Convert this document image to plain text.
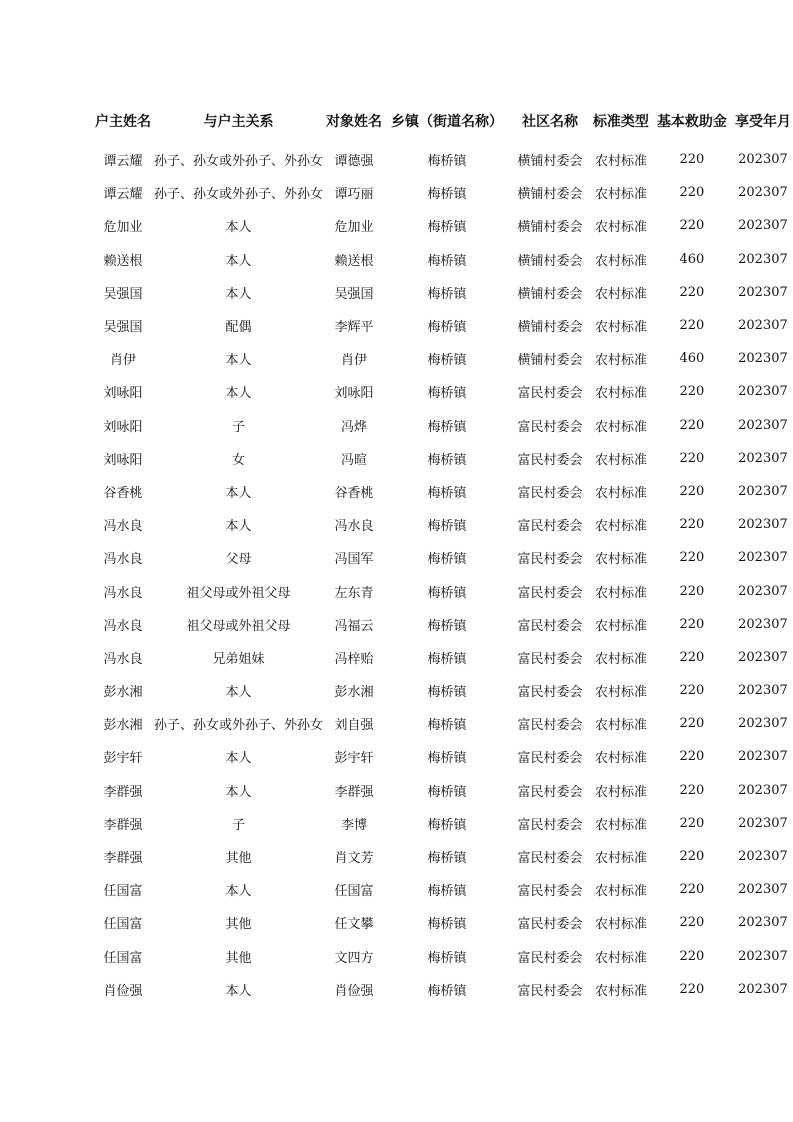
户主姓名	与户主关系	对象姓名	乡镇（街道名称）	社区名称	标准类型	基本救助金	享受年月
谭云耀	孙子、孙女或外孙子、外孙女	谭德强	梅桥镇	横铺村委会	农村标准	220	202307
谭云耀	孙子、孙女或外孙子、外孙女	谭巧丽	梅桥镇	横铺村委会	农村标准	220	202307
危加业	本人	危加业	梅桥镇	横铺村委会	农村标准	220	202307
赖送根	本人	赖送根	梅桥镇	横铺村委会	农村标准	460	202307
吴强国	本人	吴强国	梅桥镇	横铺村委会	农村标准	220	202307
吴强国	配偶	李辉平	梅桥镇	横铺村委会	农村标准	220	202307
肖伊	本人	肖伊	梅桥镇	横铺村委会	农村标准	460	202307
刘咏阳	本人	刘咏阳	梅桥镇	富民村委会	农村标准	220	202307
刘咏阳	子	冯烨	梅桥镇	富民村委会	农村标准	220	202307
刘咏阳	女	冯暄	梅桥镇	富民村委会	农村标准	220	202307
谷香桃	本人	谷香桃	梅桥镇	富民村委会	农村标准	220	202307
冯水良	本人	冯水良	梅桥镇	富民村委会	农村标准	220	202307
冯水良	父母	冯国军	梅桥镇	富民村委会	农村标准	220	202307
冯水良	祖父母或外祖父母	左东青	梅桥镇	富民村委会	农村标准	220	202307
冯水良	祖父母或外祖父母	冯福云	梅桥镇	富民村委会	农村标准	220	202307
冯水良	兄弟姐妹	冯梓贻	梅桥镇	富民村委会	农村标准	220	202307
彭水湘	本人	彭水湘	梅桥镇	富民村委会	农村标准	220	202307
彭水湘	孙子、孙女或外孙子、外孙女	刘自强	梅桥镇	富民村委会	农村标准	220	202307
彭宇轩	本人	彭宇轩	梅桥镇	富民村委会	农村标准	220	202307
李群强	本人	李群强	梅桥镇	富民村委会	农村标准	220	202307
李群强	子	李博	梅桥镇	富民村委会	农村标准	220	202307
李群强	其他	肖文芳	梅桥镇	富民村委会	农村标准	220	202307
任国富	本人	任国富	梅桥镇	富民村委会	农村标准	220	202307
任国富	其他	任文攀	梅桥镇	富民村委会	农村标准	220	202307
任国富	其他	文四方	梅桥镇	富民村委会	农村标准	220	202307
肖俭强	本人	肖俭强	梅桥镇	富民村委会	农村标准	220	202307
